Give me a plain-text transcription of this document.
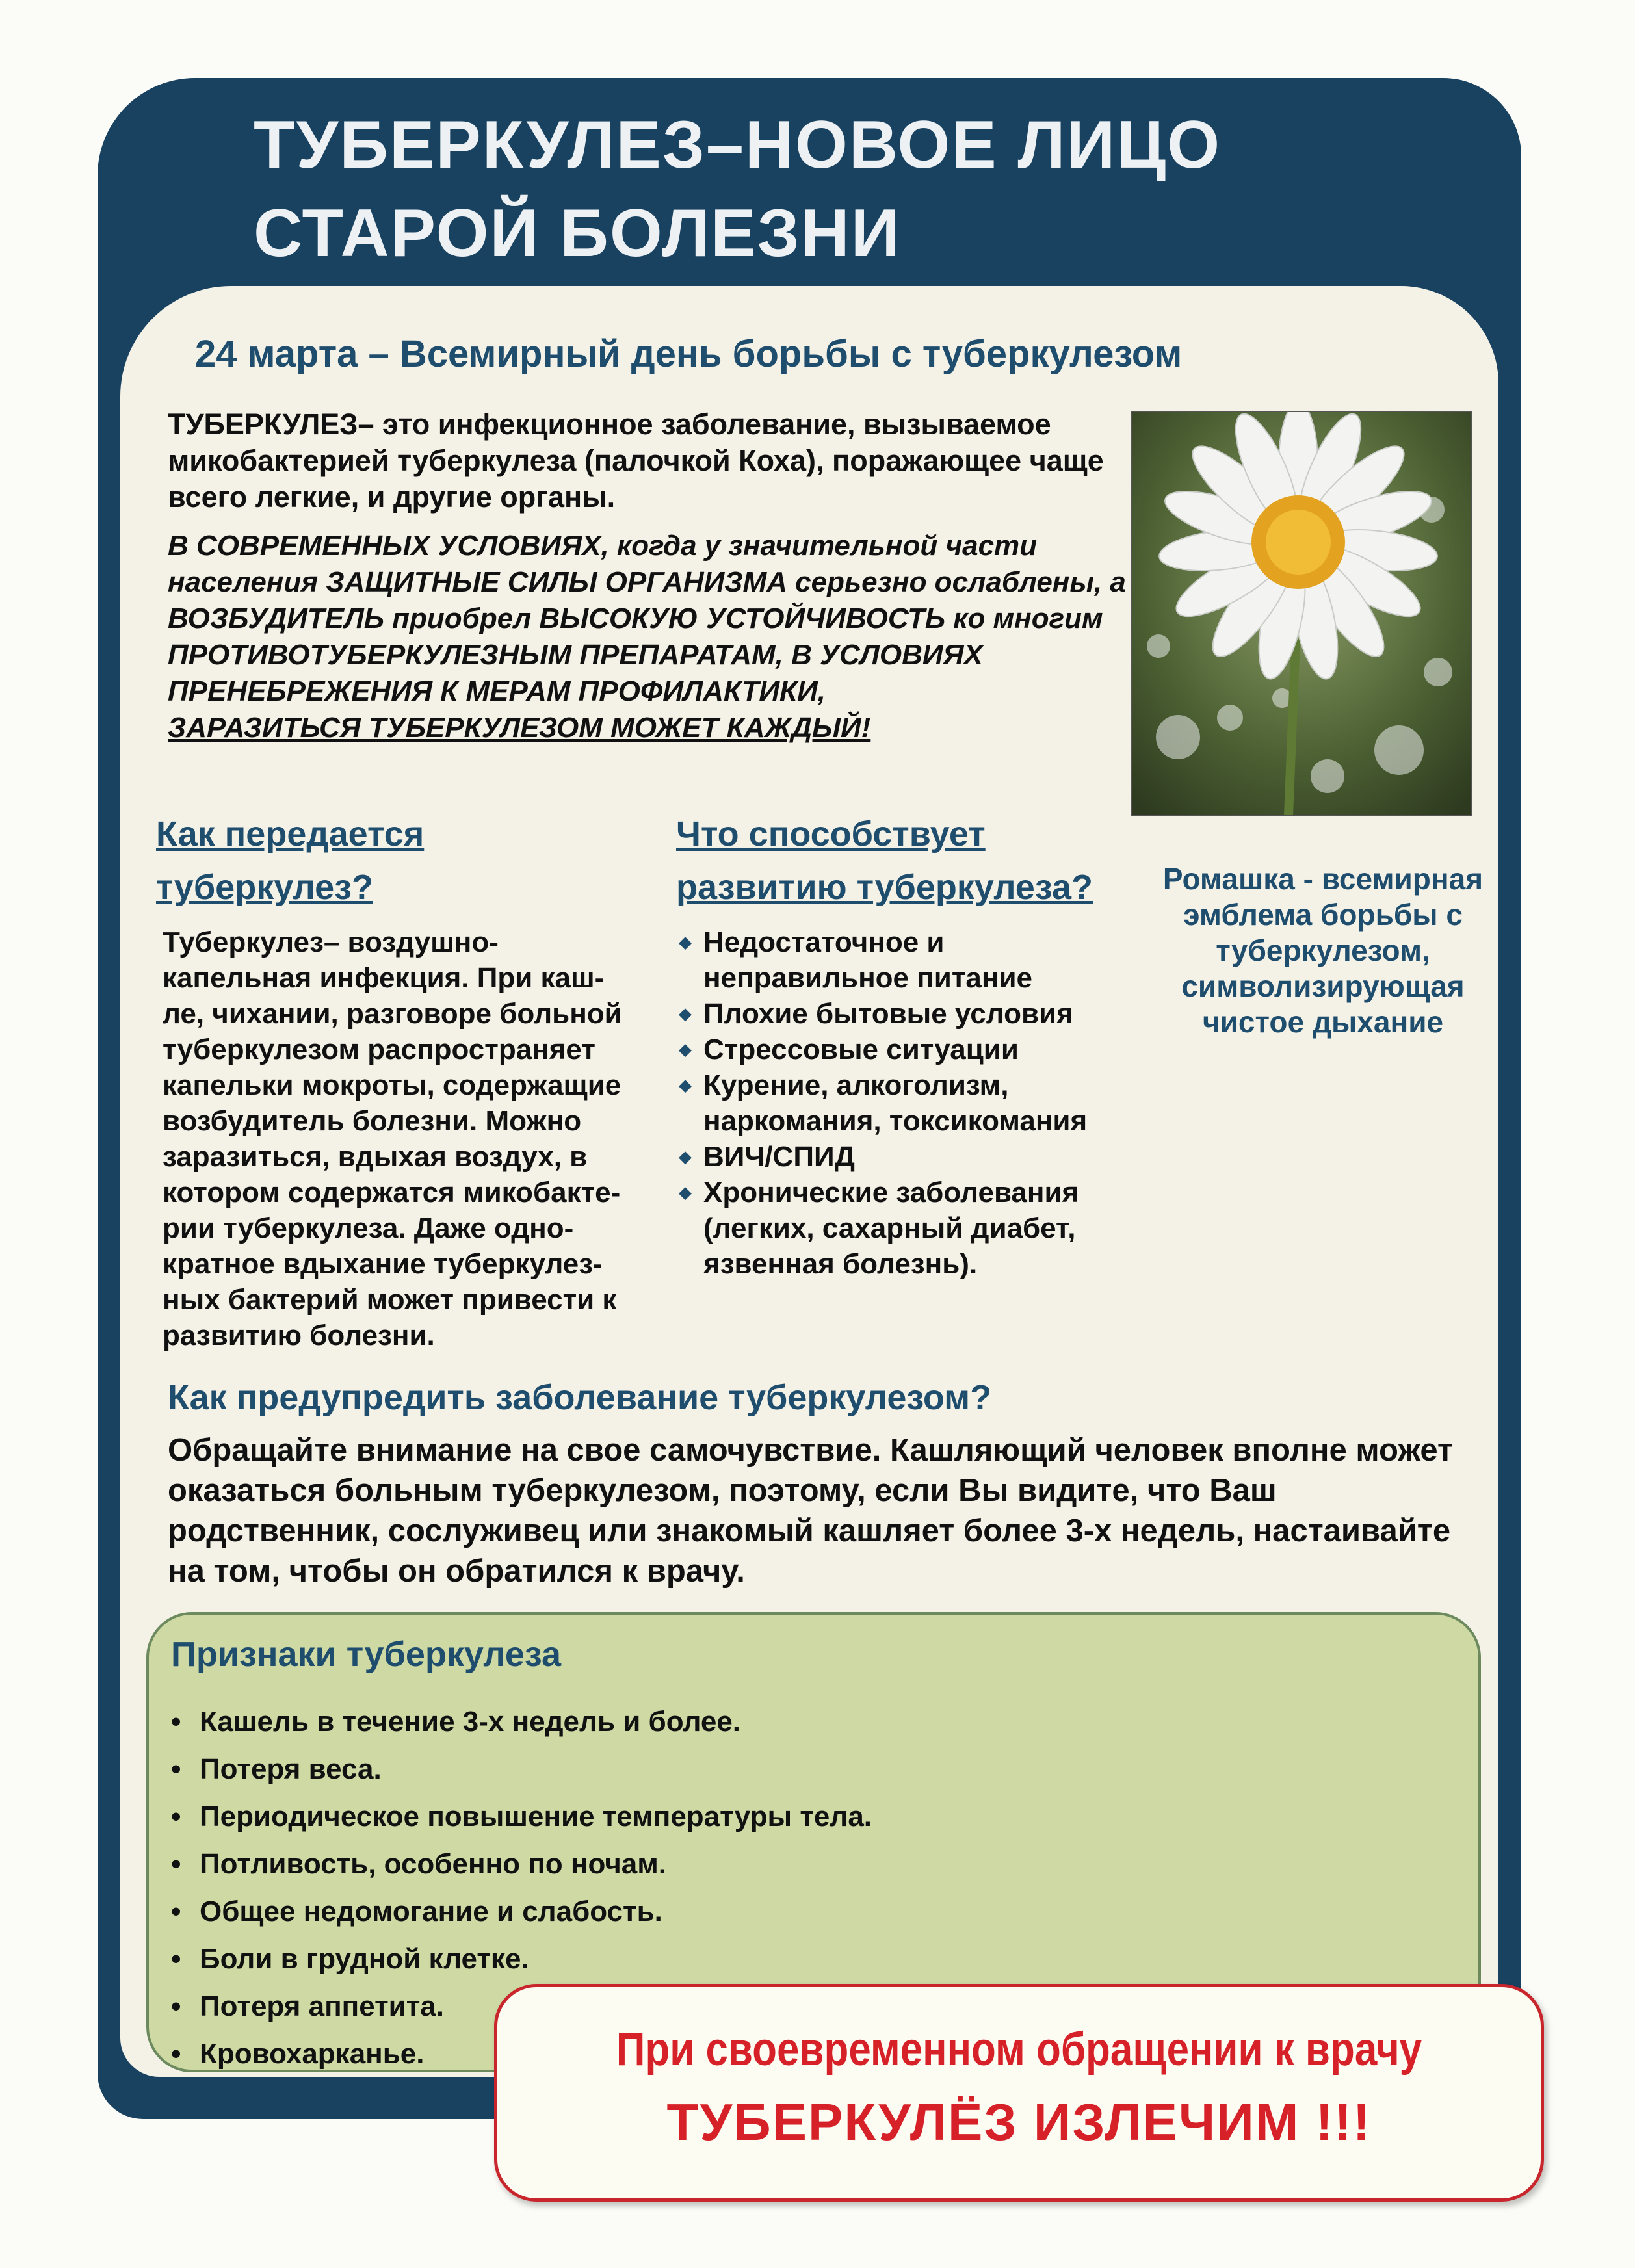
ТУБЕРКУЛЕЗ–НОВОЕ ЛИЦО
СТАРОЙ БОЛЕЗНИ
24 марта – Всемирный день борьбы с туберкулезом

ТУБЕРКУЛЕЗ– это инфекционное заболевание, вызываемое микобактерией туберкулеза (палочкой Коха), поражающее чаще всего легкие, и другие органы.

В СОВРЕМЕННЫХ УСЛОВИЯХ, когда у значительной части населения ЗАЩИТНЫЕ СИЛЫ ОРГАНИЗМА серьезно ослаблены, а ВОЗБУДИТЕЛЬ приобрел ВЫСОКУЮ УСТОЙЧИВОСТЬ ко многим ПРОТИВОТУБЕРКУЛЕЗНЫМ ПРЕПАРАТАМ, В УСЛОВИЯХ ПРЕНЕБРЕЖЕНИЯ К МЕРАМ ПРОФИЛАКТИКИ,
ЗАРАЗИТЬСЯ ТУБЕРКУЛЕЗОМ МОЖЕТ КАЖДЫЙ!

Ромашка - всемирная эмблема борьбы с туберкулезом, символизирующая чистое дыхание

Как передается
туберкулез?

Туберкулез– воздушно-
капельная инфекция. При каш-
ле, чихании, разговоре больной
туберкулезом распространяет
капельки мокроты, содержащие
возбудитель болезни. Можно
заразиться, вдыхая воздух, в
котором содержатся микобакте-
рии туберкулеза. Даже одно-
кратное вдыхание туберкулез-
ных бактерий может привести к
развитию болезни.

Что способствует
развитию туберкулеза?
◆ Недостаточное и неправильное питание
◆ Плохие бытовые условия
◆ Стрессовые ситуации
◆ Курение, алкоголизм, наркомания, токсикомания
◆ ВИЧ/СПИД
◆ Хронические заболевания (легких, сахарный диабет, язвенная болезнь).
Как предупредить заболевание туберкулезом?

Обращайте внимание на свое самочувствие. Кашляющий человек вполне может оказаться больным туберкулезом, поэтому, если Вы видите, что Ваш родственник, сослуживец или знакомый кашляет более 3-х недель, настаивайте на том, чтобы он обратился к врачу.

Признаки туберкулеза
• Кашель в течение 3-х недель и более.
• Потеря веса.
• Периодическое повышение температуры тела.
• Потливость, особенно по ночам.
• Общее недомогание и слабость.
• Боли в грудной клетке.
• Потеря аппетита.
• Кровохарканье.	При своевременном обращении к врачу

ТУБЕРКУЛЁЗ ИЗЛЕЧИМ !!!
